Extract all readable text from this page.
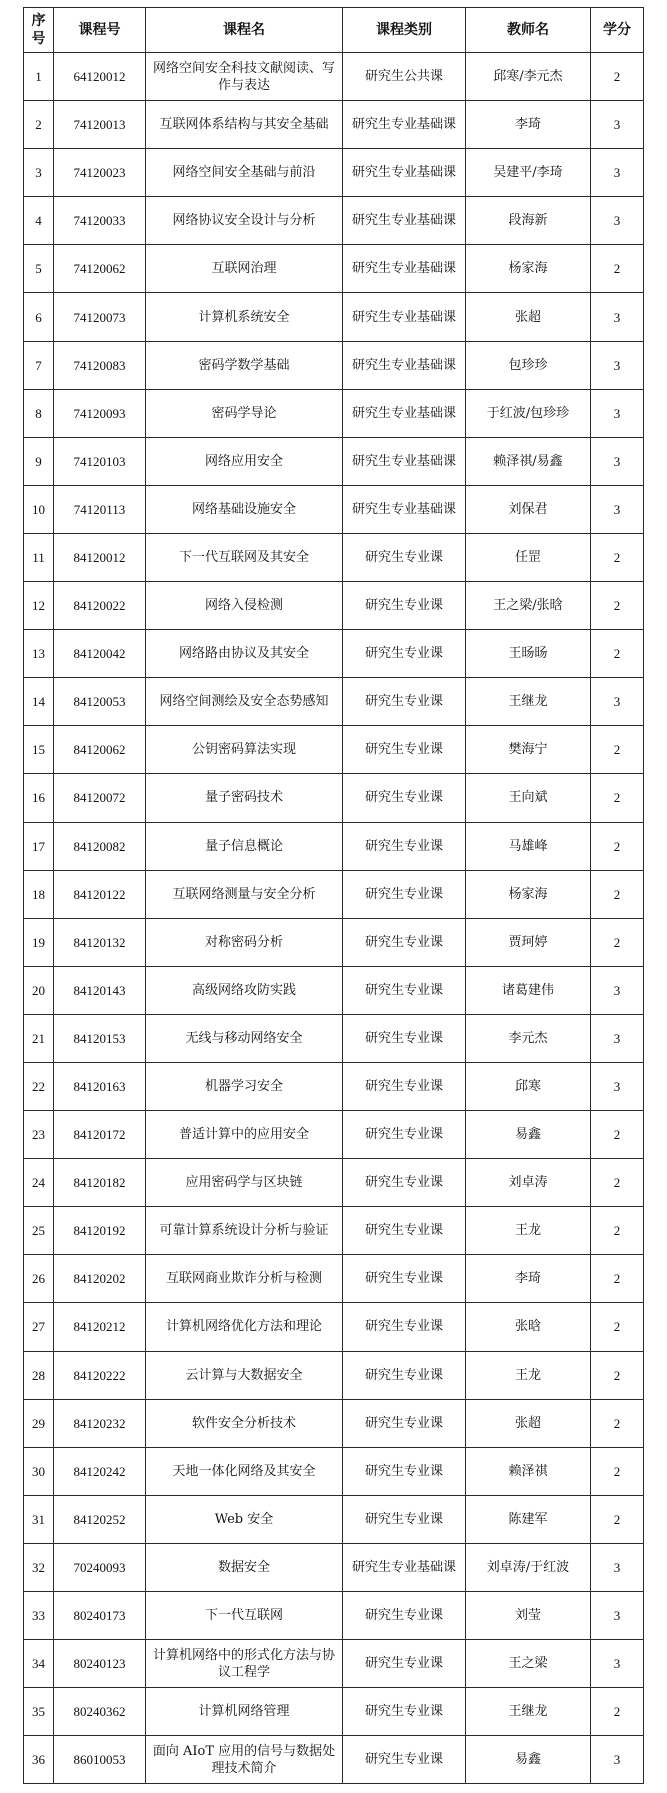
序号	课程号	课程名	课程类别	教师名	学分
1	64120012	网络空间安全科技文献阅读、写作与表达	研究生公共课	邱寒/李元杰	2
2	74120013	互联网体系结构与其安全基础	研究生专业基础课	李琦	3
3	74120023	网络空间安全基础与前沿	研究生专业基础课	吴建平/李琦	3
4	74120033	网络协议安全设计与分析	研究生专业基础课	段海新	3
5	74120062	互联网治理	研究生专业基础课	杨家海	2
6	74120073	计算机系统安全	研究生专业基础课	张超	3
7	74120083	密码学数学基础	研究生专业基础课	包珍珍	3
8	74120093	密码学导论	研究生专业基础课	于红波/包珍珍	3
9	74120103	网络应用安全	研究生专业基础课	赖泽祺/易鑫	3
10	74120113	网络基础设施安全	研究生专业基础课	刘保君	3
11	84120012	下一代互联网及其安全	研究生专业课	任罡	2
12	84120022	网络入侵检测	研究生专业课	王之梁/张晗	2
13	84120042	网络路由协议及其安全	研究生专业课	王旸旸	2
14	84120053	网络空间测绘及安全态势感知	研究生专业课	王继龙	3
15	84120062	公钥密码算法实现	研究生专业课	樊海宁	2
16	84120072	量子密码技术	研究生专业课	王向斌	2
17	84120082	量子信息概论	研究生专业课	马雄峰	2
18	84120122	互联网络测量与安全分析	研究生专业课	杨家海	2
19	84120132	对称密码分析	研究生专业课	贾珂婷	2
20	84120143	高级网络攻防实践	研究生专业课	诸葛建伟	3
21	84120153	无线与移动网络安全	研究生专业课	李元杰	3
22	84120163	机器学习安全	研究生专业课	邱寒	3
23	84120172	普适计算中的应用安全	研究生专业课	易鑫	2
24	84120182	应用密码学与区块链	研究生专业课	刘卓涛	2
25	84120192	可靠计算系统设计分析与验证	研究生专业课	王龙	2
26	84120202	互联网商业欺诈分析与检测	研究生专业课	李琦	2
27	84120212	计算机网络优化方法和理论	研究生专业课	张晗	2
28	84120222	云计算与大数据安全	研究生专业课	王龙	2
29	84120232	软件安全分析技术	研究生专业课	张超	2
30	84120242	天地一体化网络及其安全	研究生专业课	赖泽祺	2
31	84120252	Web 安全	研究生专业课	陈建军	2
32	70240093	数据安全	研究生专业基础课	刘卓涛/于红波	3
33	80240173	下一代互联网	研究生专业课	刘莹	3
34	80240123	计算机网络中的形式化方法与协议工程学	研究生专业课	王之梁	3
35	80240362	计算机网络管理	研究生专业课	王继龙	2
36	86010053	面向 AIoT 应用的信号与数据处理技术简介	研究生专业课	易鑫	3
